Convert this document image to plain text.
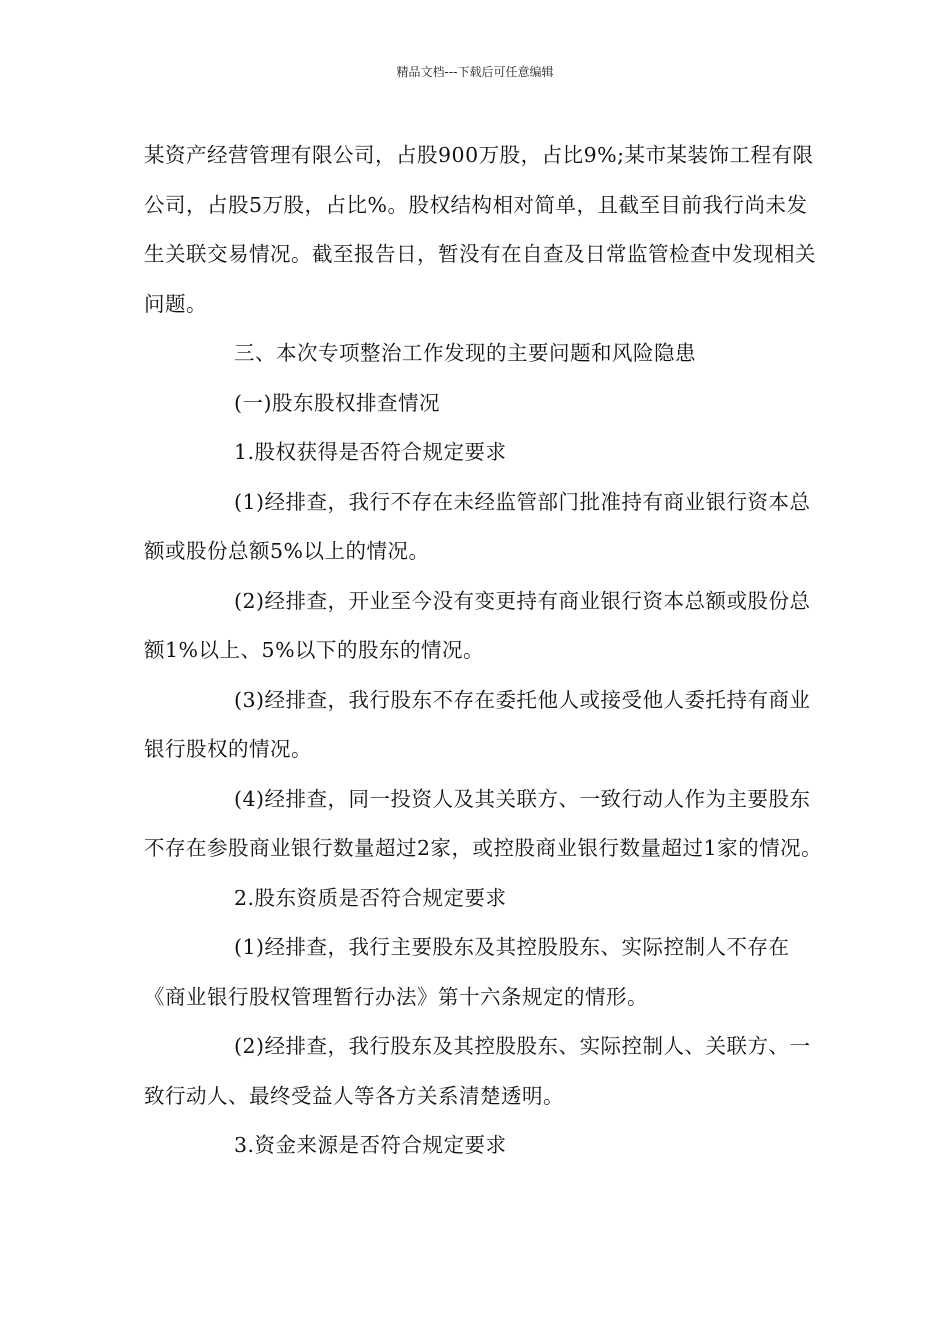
精品文档---下载后可任意编辑

某资产经营管理有限公司，占股900万股，占比9%;某市某装饰工程有限公司，占股5万股，占比%。股权结构相对简单，且截至目前我行尚未发生关联交易情况。截至报告日，暂没有在自查及日常监管检查中发现相关问题。

三、本次专项整治工作发现的主要问题和风险隐患

(一)股东股权排查情况

1.股权获得是否符合规定要求

(1)经排查，我行不存在未经监管部门批准持有商业银行资本总额或股份总额5%以上的情况。

(2)经排查，开业至今没有变更持有商业银行资本总额或股份总额1%以上、5%以下的股东的情况。

(3)经排查，我行股东不存在委托他人或接受他人委托持有商业银行股权的情况。

(4)经排查，同一投资人及其关联方、一致行动人作为主要股东不存在参股商业银行数量超过2家，或控股商业银行数量超过1家的情况。

2.股东资质是否符合规定要求

(1)经排查，我行主要股东及其控股股东、实际控制人不存在《商业银行股权管理暂行办法》第十六条规定的情形。

(2)经排查，我行股东及其控股股东、实际控制人、关联方、一致行动人、最终受益人等各方关系清楚透明。

3.资金来源是否符合规定要求
